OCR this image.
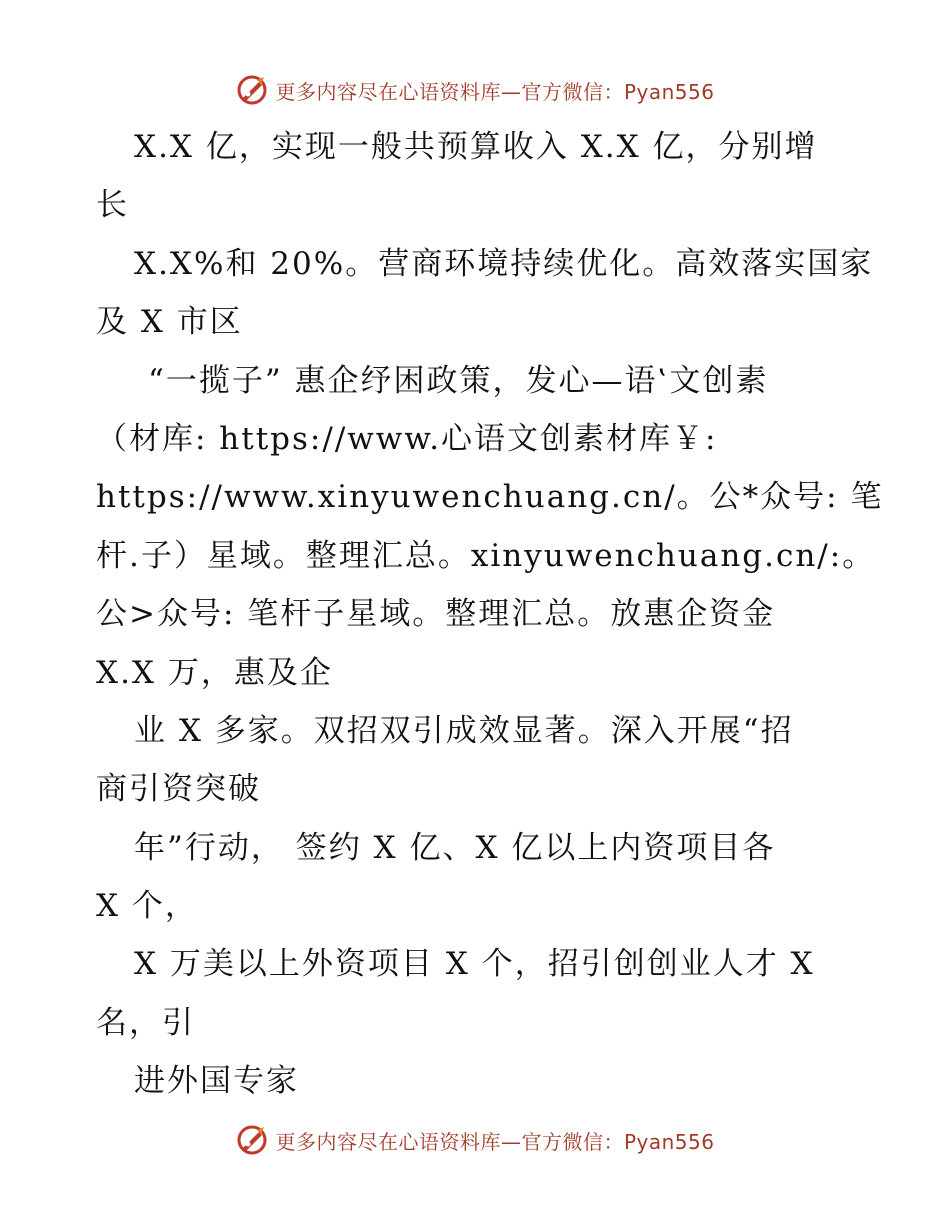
更多内容尽在心语资料库—官方微信：Pyan556
X.X 亿，实现一般共预算收入 X.X 亿，分别增
长
X.X%和 20%。营商环境持续优化。高效落实国家
及 X 市区
“一揽子” 惠企纾困政策，发心—语‛文创素
（材库: https://www.心语文创素材库￥:
https://www.xinyuwenchuang.cn/。公*众号: 笔
杆.子）星域。整理汇总。xinyuwenchuang.cn/:。
公>众号: 笔杆子星域。整理汇总。放惠企资金
X.X 万，惠及企
业 X 多家。双招双引成效显著。深入开展“招
商引资突破
年”行动， 签约 X 亿、X 亿以上内资项目各
X 个，
X 万美以上外资项目 X 个，招引创创业人才 X
名，引
进外国专家
更多内容尽在心语资料库—官方微信：Pyan556
